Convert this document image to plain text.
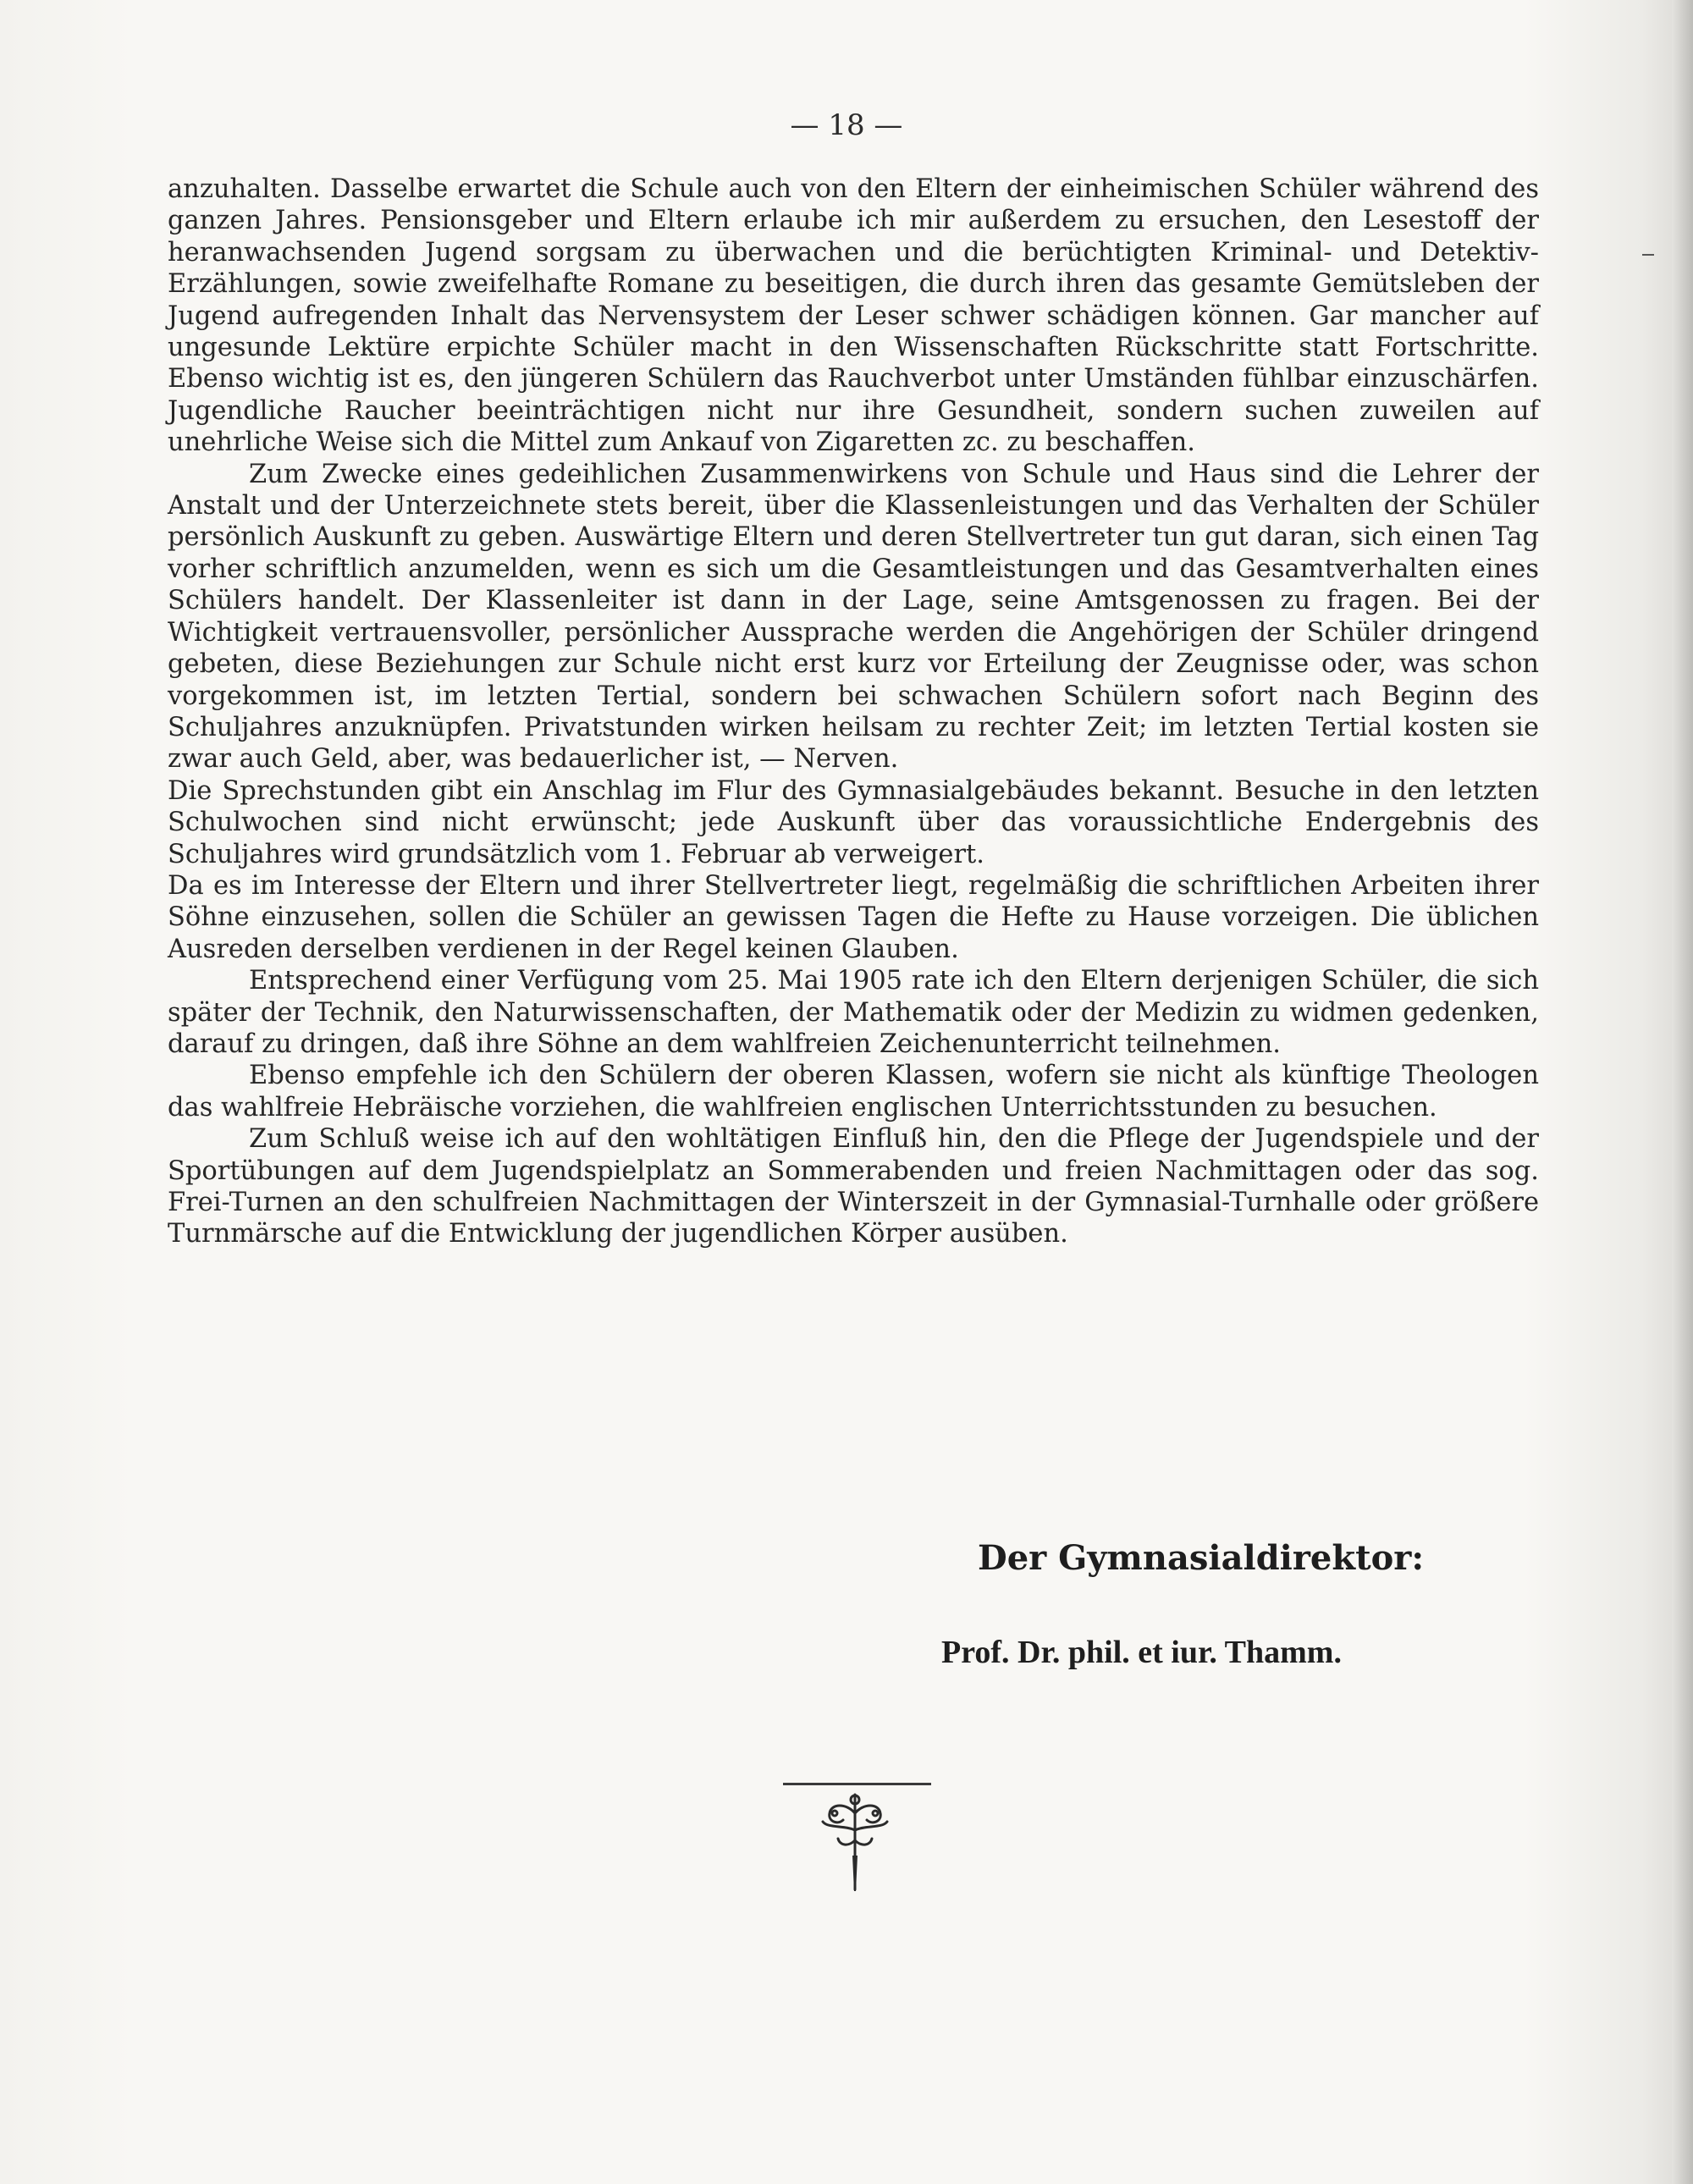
— 18 —

anzuhalten. Dasselbe erwartet die Schule auch von den Eltern der einheimischen Schüler während des ganzen Jahres. Pensionsgeber und Eltern erlaube ich mir außerdem zu ersuchen, den Lesestoff der heranwachsenden Jugend sorgsam zu überwachen und die berüchtigten Kriminal- und Detektiv-Erzählungen, sowie zweifelhafte Romane zu beseitigen, die durch ihren das gesamte Gemütsleben der Jugend aufregenden Inhalt das Nervensystem der Leser schwer schädigen können. Gar mancher auf ungesunde Lektüre erpichte Schüler macht in den Wissenschaften Rückschritte statt Fortschritte. Ebenso wichtig ist es, den jüngeren Schülern das Rauchverbot unter Umständen fühlbar einzuschärfen. Jugendliche Raucher beeinträchtigen nicht nur ihre Gesundheit, sondern suchen zuweilen auf unehrliche Weise sich die Mittel zum Ankauf von Zigaretten zc. zu beschaffen.

Zum Zwecke eines gedeihlichen Zusammenwirkens von Schule und Haus sind die Lehrer der Anstalt und der Unterzeichnete stets bereit, über die Klassenleistungen und das Verhalten der Schüler persönlich Auskunft zu geben. Auswärtige Eltern und deren Stellvertreter tun gut daran, sich einen Tag vorher schriftlich anzumelden, wenn es sich um die Gesamtleistungen und das Gesamtverhalten eines Schülers handelt. Der Klassenleiter ist dann in der Lage, seine Amtsgenossen zu fragen. Bei der Wichtigkeit vertrauensvoller, persönlicher Aussprache werden die Angehörigen der Schüler dringend gebeten, diese Beziehungen zur Schule nicht erst kurz vor Erteilung der Zeugnisse oder, was schon vorgekommen ist, im letzten Tertial, sondern bei schwachen Schülern sofort nach Beginn des Schuljahres anzuknüpfen. Privatstunden wirken heilsam zu rechter Zeit; im letzten Tertial kosten sie zwar auch Geld, aber, was bedauerlicher ist, — Nerven.

Die Sprechstunden gibt ein Anschlag im Flur des Gymnasialgebäudes bekannt. Besuche in den letzten Schulwochen sind nicht erwünscht; jede Auskunft über das voraussichtliche Endergebnis des Schuljahres wird grundsätzlich vom 1. Februar ab verweigert.

Da es im Interesse der Eltern und ihrer Stellvertreter liegt, regelmäßig die schriftlichen Arbeiten ihrer Söhne einzusehen, sollen die Schüler an gewissen Tagen die Hefte zu Hause vorzeigen. Die üblichen Ausreden derselben verdienen in der Regel keinen Glauben.

Entsprechend einer Verfügung vom 25. Mai 1905 rate ich den Eltern derjenigen Schüler, die sich später der Technik, den Naturwissenschaften, der Mathematik oder der Medizin zu widmen gedenken, darauf zu dringen, daß ihre Söhne an dem wahlfreien Zeichenunterricht teilnehmen.

Ebenso empfehle ich den Schülern der oberen Klassen, wofern sie nicht als künftige Theologen das wahlfreie Hebräische vorziehen, die wahlfreien englischen Unterrichtsstunden zu besuchen.

Zum Schluß weise ich auf den wohltätigen Einfluß hin, den die Pflege der Jugendspiele und der Sportübungen auf dem Jugendspielplatz an Sommerabenden und freien Nachmittagen oder das sog. Frei-Turnen an den schulfreien Nachmittagen der Winterszeit in der Gymnasial-Turnhalle oder größere Turnmärsche auf die Entwicklung der jugendlichen Körper ausüben.

Der Gymnasialdirektor:
Prof. Dr. phil. et iur. Thamm.
